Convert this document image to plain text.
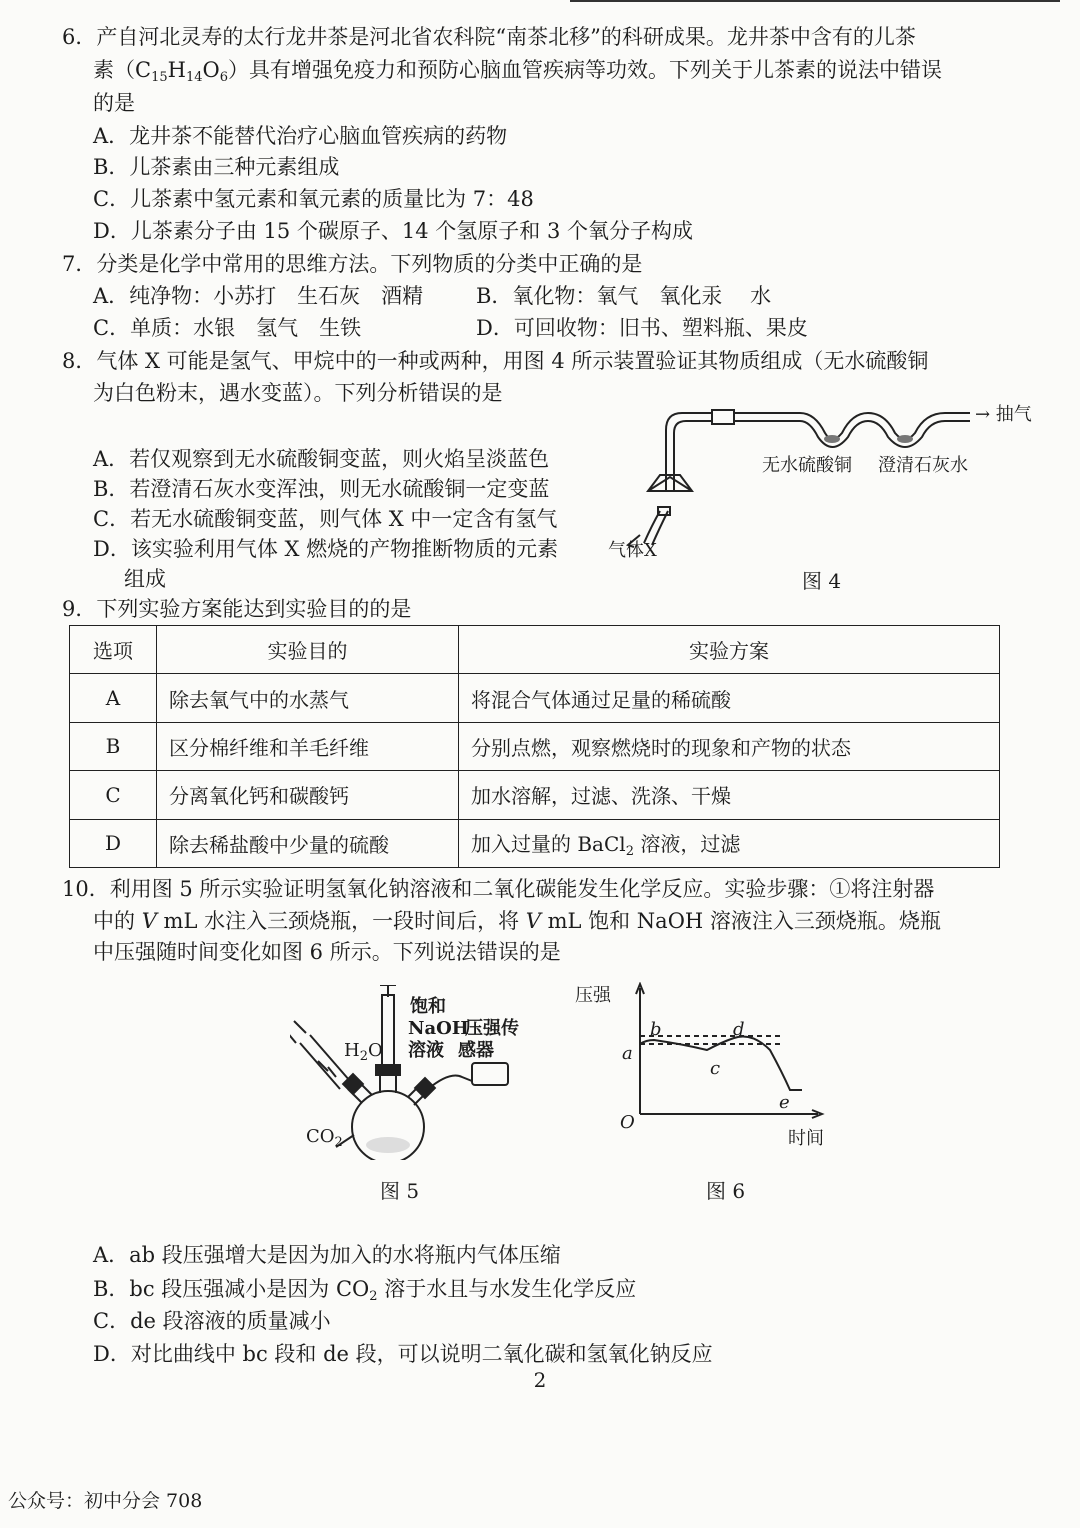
6．产自河北灵寿的太行龙井茶是河北省农科院“南茶北移”的科研成果。龙井茶中含有的儿茶
素$(C_{15}H_{14}O_6)$具有增强免疫力和预防心脑血管疾病等功效。下列关于儿茶素的说法中错误
的是
A．龙井茶不能替代治疗心脑血管疾病的药物
B．儿茶素由三种元素组成
C．儿茶素中氢元素和氧元素的质量比为 7：48
D．儿茶素分子由 15 个碳原子、14 个氢原子和 3 个氧分子构成
7．分类是化学中常用的思维方法。下列物质的分类中正确的是
A．纯净物：小苏打　生石灰　酒精	B．氧化物：氧气　氧化汞　 水
C．单质：水银　氢气　生铁	D．可回收物：旧书、塑料瓶、果皮
8．气体 X 可能是氢气、甲烷中的一种或两种，用图 4 所示装置验证其物质组成（无水硫酸铜
为白色粉末，遇水变蓝）。下列分析错误的是
A．若仅观察到无水硫酸铜变蓝，则火焰呈淡蓝色
B．若澄清石灰水变浑浊，则无水硫酸铜一定变蓝
C．若无水硫酸铜变蓝，则气体 X 中一定含有氢气
D．该实验利用气体 X 燃烧的产物推断物质的元素
组成
→ 抽气
无水硫酸铜 澄清石灰水
气体X
图 4
9．下列实验方案能达到实验目的的是
选项	实验目的	实验方案
A	除去氧气中的水蒸气	将混合气体通过足量的稀硫酸
B	区分棉纤维和羊毛纤维	分别点燃，观察燃烧时的现象和产物的状态
C	分离氧化钙和碳酸钙	加水溶解，过滤、洗涤、干燥
D	除去稀盐酸中少量的硫酸	加入过量的 BaCl$_2$ 溶液，过滤
10．利用图 5 所示实验证明氢氧化钠溶液和二氧化碳能发生化学反应。实验步骤：①将注射器
中的 V mL 水注入三颈烧瓶，一段时间后，将 V mL 饱和 NaOH 溶液注入三颈烧瓶。烧瓶
中压强随时间变化如图 6 所示。下列说法错误的是
饱和
NaOH
压强传
溶液 感器
$H_2O$
$CO_2$
图 5
压强
时间
O
a
b
c
d
e
图 6
A．ab 段压强增大是因为加入的水将瓶内气体压缩
B．bc 段压强减小是因为 $CO_2$ 溶于水且与水发生化学反应
C．de 段溶液的质量减小
D．对比曲线中 bc 段和 de 段，可以说明二氧化碳和氢氧化钠反应
2
公众号：初中分会 708
